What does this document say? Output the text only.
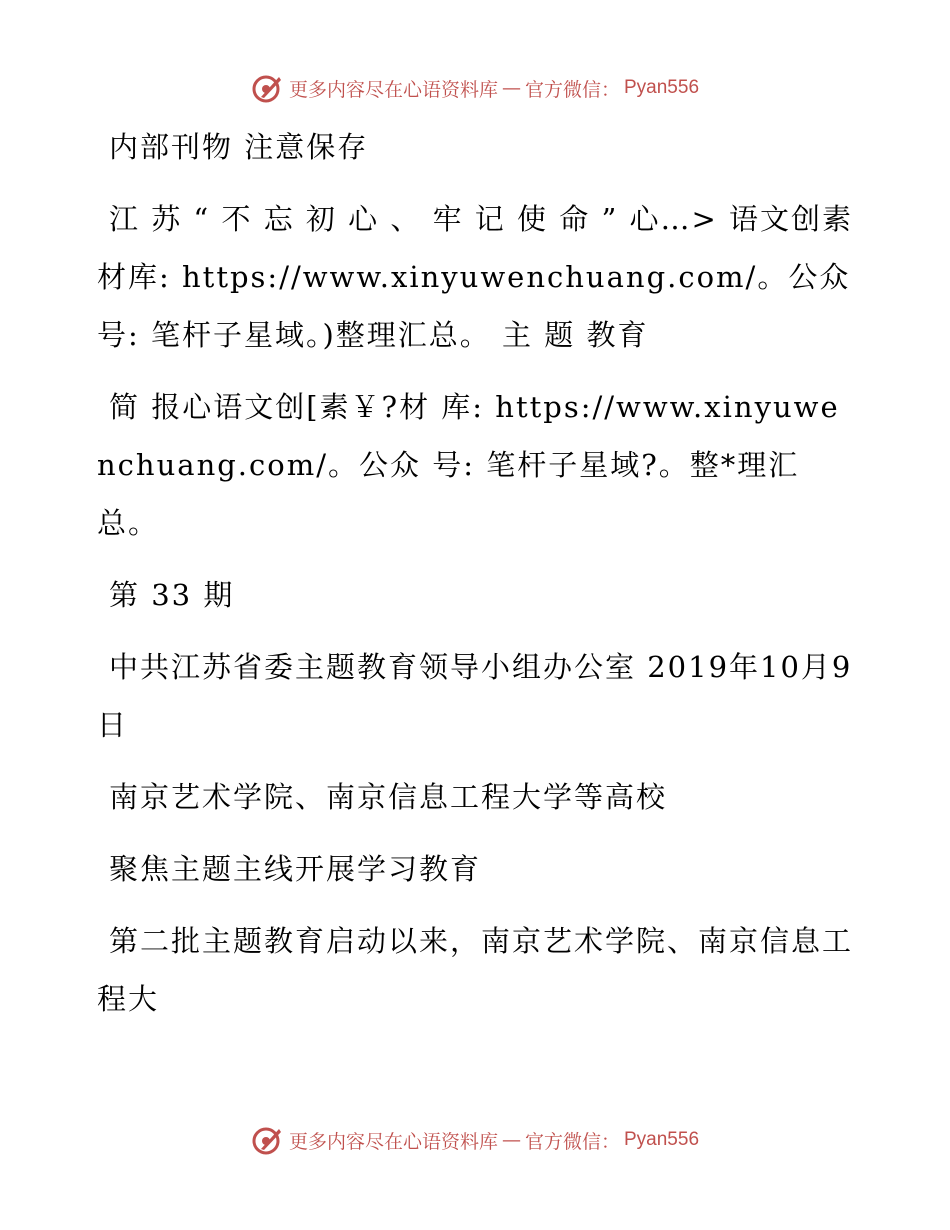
更多内容尽在心语资料库 — 官方微信： Pyan556

内部刊物 注意保存

江 苏 “ 不 忘 初 心 、 牢 记 使 命 ” 心…> 语文创素材库: https://www.xinyuwenchuang.com/。公众号: 笔杆子星域。)整理汇总。 主 题 教育

简 报心语文创[素￥?材 库: https://www.xinyuwenchuang.com/。公众 号: 笔杆子星域?。整*理汇总。

第 33 期

中共江苏省委主题教育领导小组办公室 2019年10月9日

南京艺术学院、南京信息工程大学等高校

聚焦主题主线开展学习教育

第二批主题教育启动以来，南京艺术学院、南京信息工程大

更多内容尽在心语资料库 — 官方微信： Pyan556
